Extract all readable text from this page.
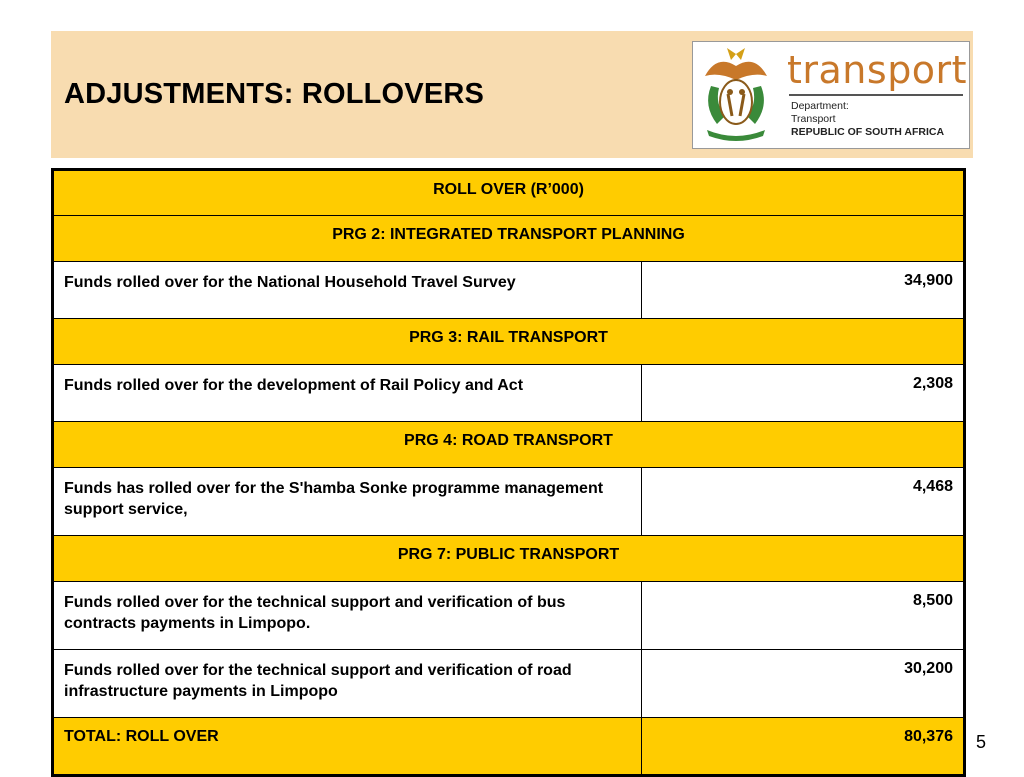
ADJUSTMENTS: ROLLOVERS
transport
Department:
Transport
REPUBLIC OF SOUTH AFRICA
ROLL OVER (R’000)	
PRG 2: INTEGRATED TRANSPORT PLANNING	
Funds rolled over for the National Household Travel Survey	34,900
PRG 3: RAIL TRANSPORT	
Funds rolled over for the development of Rail Policy and Act	2,308
PRG 4: ROAD TRANSPORT	
Funds has rolled over for the S'hamba Sonke programme management support service,	4,468
PRG 7: PUBLIC TRANSPORT	
Funds rolled over for the technical support and verification of bus contracts payments in Limpopo.	8,500
Funds rolled over for the technical support and verification of road infrastructure payments in Limpopo	30,200
TOTAL: ROLL OVER	80,376 5
